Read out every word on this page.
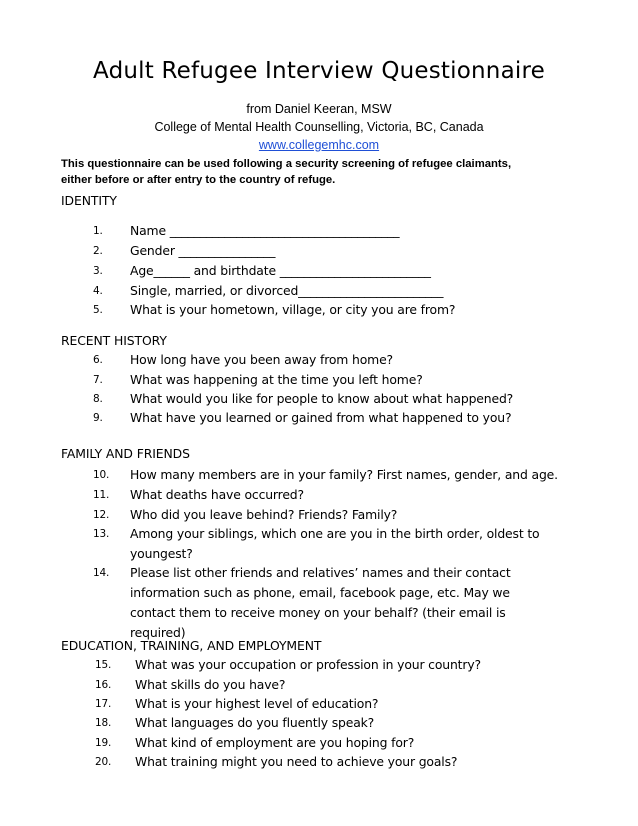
Adult Refugee Interview Questionnaire
from Daniel Keeran, MSW
College of Mental Health Counselling, Victoria, BC, Canada
www.collegemhc.com
This questionnaire can be used following a security screening of refugee claimants,
either before or after entry to the country of refuge.
IDENTITY
1.	Name ______________________________________
2.	Gender ________________
3.	Age______ and birthdate _________________________
4.	Single, married, or divorced________________________
5.	What is your hometown, village, or city you are from?
RECENT HISTORY
6.	How long have you been away from home?
7.	What was happening at the time you left home?
8.	What would you like for people to know about what happened?
9.	What have you learned or gained from what happened to you?
FAMILY AND FRIENDS
10.	How many members are in your family? First names, gender, and age.
11.	What deaths have occurred?
12.	Who did you leave behind? Friends? Family?
13.	Among your siblings, which one are you in the birth order, oldest to youngest?
14.	Please list other friends and relatives’ names and their contact information such as phone, email, facebook page, etc. May we contact them to receive money on your behalf? (their email is required)
EDUCATION, TRAINING, AND EMPLOYMENT
15.	What was your occupation or profession in your country?
16.	What skills do you have?
17.	What is your highest level of education?
18.	What languages do you fluently speak?
19.	What kind of employment are you hoping for?
20.	What training might you need to achieve your goals?
